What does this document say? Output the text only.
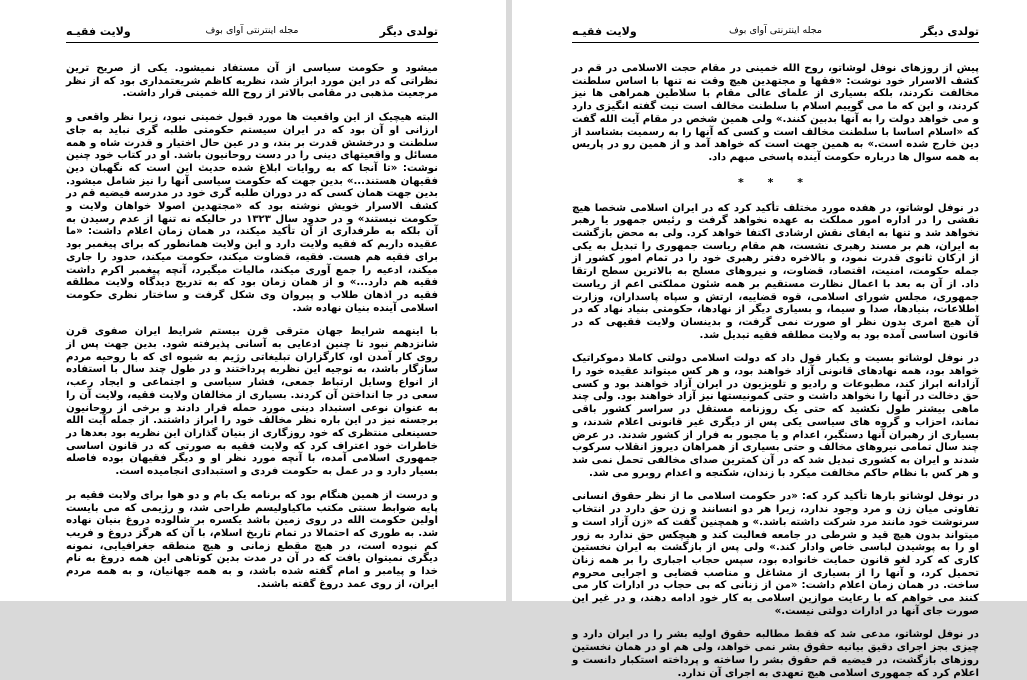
تولدی دیگر
مجله اینترنتی آوای بوف
ولایت فقیـه

میشود و حکومت سیاسی از آن مستفاد نمیشود. یکی از صریح ترین نظراتی که در این مورد ابراز شد، نظریه کاظم شریعتمداری بود که از نظر مرجعیت مذهبی در مقامی بالاتر از روح الله خمینی قرار داشت.

البته هیچیک از این واقعیت ها مورد قبول خمینی نبود، زیرا نظر واقعی و ارزانی او آن بود که در ایران سیستم حکومتی طلبه گری نباید به جای سلطنت و درخشش قدرت بر بند، و در عین حال اختیار و قدرت شاه و همه مسائل و واقعیتهای دینی را در دست روحانیون باشد. او در کتاب خود چنین نوشت: «تا آنجا که به روایات ابلاغ شده حدیث این است که نگهبان دین فقیهان هستند...» بدین جهت که حکومت سیاسی آنها را نیز شامل میشود. بدین جهت همان کسی که در دوران طلبه گری خود در مدرسه فیضیه قم در کشف الاسرار خویش نوشته بود که «مجتهدین اصولا خواهان ولایت و حکومت نیستند» و در حدود سال ۱۳۲۳ در حالیکه نه تنها از عدم رسیدن به آن بلکه به طرفداری از آن تأکید میکند، در همان زمان اعلام داشت: «ما عقیده داریم که فقیه ولایت دارد و این ولایت همانطور که برای پیغمبر بود برای فقیه هم هست. فقیه، قضاوت میکند، حکومت میکند، حدود را جاری میکند، ادعیه را جمع آوری میکند، مالیات میگیرد، آنچه پیغمبر اکرم داشت فقیه هم دارد...» و از همان زمان بود که به تدریج دیدگاه ولایت مطلقه فقیه در اذهان طلاب و پیروان وی شکل گرفت و ساختار نظری حکومت اسلامی آینده بنیان نهاده شد.

با اینهمه شرایط جهان مترقی قرن بیستم شرایط ایران صفوی قرن شانزدهم نبود تا چنین ادعایی به آسانی پذیرفته شود. بدین جهت پس از روی کار آمدن او، کارگزاران تبلیغاتی رژیم به شیوه ای که با روحیه مردم سازگار باشد، به توجیه این نظریه پرداختند و در طول چند سال با استفاده از انواع وسایل ارتباط جمعی، فشار سیاسی و اجتماعی و ایجاد رعب، سعی در جا انداختن آن کردند. بسیاری از مخالفان ولایت فقیه، ولایت آن را به عنوان نوعی استبداد دینی مورد حمله قرار دادند و برخی از روحانیون برجسته نیز در این باره نظر مخالف خود را ابراز داشتند. از جمله آیت الله حسینعلی منتظری که خود روزگاری از بنیان گذاران این نظریه بود بعدها در خاطرات خود اعتراف کرد که ولایت فقیه به صورتی که در قانون اساسی جمهوری اسلامی آمده، با آنچه مورد نظر او و دیگر فقیهان بوده فاصله بسیار دارد و در عمل به حکومت فردی و استبدادی انجامیده است.

و درست از همین هنگام بود که برنامه یک بام و دو هوا برای ولایت فقیه بر پایه ضوابط سنتی مکتب ماکیاولیسم طراحی شد، و رژیمی که می بایست اولین حکومت الله در روی زمین باشد یکسره بر شالوده دروغ بنیان نهاده شد. به طوری که احتمالا در تمام تاریخ اسلام، با آن که هرگز دروغ و فریب کم نبوده است، در هیچ مقطع زمانی و هیچ منطقه جغرافیایی، نمونه دیگری نمیتوان یافت که در آن در مدت بدین کوتاهی این همه دروغ به نام خدا و پیامبر و امام گفته شده باشد، و به همه جهانیان، و به همه مردم ایران، از روی عمد دروغ گفته باشند.

تولدی دیگر
مجله اینترنتی آوای بوف
ولایت فقیـه

پیش از روزهای نوفل لوشاتو، روح الله خمینی در مقام حجت الاسلامی در قم در کشف الاسرار خود نوشت: «فقها و مجتهدین هیچ وقت نه تنها با اساس سلطنت مخالفت نکردند، بلکه بسیاری از علمای عالی مقام با سلاطین همراهی ها نیز کردند، و این که ما می گوییم اسلام با سلطنت مخالف است نیت گفته انگیزی دارد و می خواهد دولت را به آنها بدبین کنند.» ولی همین شخص در مقام آیت الله گفت که «اسلام اساسا با سلطنت مخالف است و کسی که آنها را به رسمیت بشناسد از دین خارج شده است.» به همین جهت است که خواهد آمد و از همین رو در پاریس به همه سوال ها درباره حکومت آینده پاسخی مبهم داد.

* * *

در نوفل لوشاتو، در هفده مورد مختلف تأکید کرد که در ایران اسلامی شخصا هیچ نقشی را در اداره امور مملکت به عهده نخواهد گرفت و رئیس جمهور یا رهبر نخواهد شد و تنها به ایفای نقش ارشادی اکتفا خواهد کرد. ولی به محض بازگشت به ایران، هم بر مسند رهبری نشست، هم مقام ریاست جمهوری را تبدیل به یکی از ارکان ثانوی قدرت نمود، و بالاخره دفتر رهبری خود را در تمام امور کشور از جمله حکومت، امنیت، اقتصاد، قضاوت، و نیروهای مسلح به بالاترین سطح ارتقا داد. از آن به بعد با اعمال نظارت مستقیم بر همه شئون مملکتی اعم از ریاست جمهوری، مجلس شورای اسلامی، قوه قضاییه، ارتش و سپاه پاسداران، وزارت اطلاعات، بنیادها، صدا و سیما، و بسیاری دیگر از نهادها، حکومتی بنیاد نهاد که در آن هیچ امری بدون نظر او صورت نمی گرفت، و بدینسان ولایت فقیهی که در قانون اساسی آمده بود به ولایت مطلقه فقیه تبدیل شد.

در نوفل لوشاتو بسیت و یکبار قول داد که دولت اسلامی دولتی کاملا دموکراتیک خواهد بود، همه نهادهای قانونی آزاد خواهند بود، و هر کس میتواند عقیده خود را آزادانه ابراز کند، مطبوعات و رادیو و تلویزیون در ایران آزاد خواهند بود و کسی حق دخالت در آنها را نخواهد داشت و حتی کمونیستها نیز آزاد خواهند بود. ولی چند ماهی بیشتر طول نکشید که حتی یک روزنامه مستقل در سراسر کشور باقی نماند، احزاب و گروه های سیاسی یکی پس از دیگری غیر قانونی اعلام شدند، و بسیاری از رهبران آنها دستگیر، اعدام و یا مجبور به فرار از کشور شدند. در عرض چند سال تمامی نیروهای مخالف و حتی بسیاری از همراهان دیروز انقلاب سرکوب شدند و ایران به کشوری تبدیل شد که در آن کمترین صدای مخالفی تحمل نمی شد و هر کس با نظام حاکم مخالفت میکرد با زندان، شکنجه و اعدام روبرو می شد.

در نوفل لوشاتو بارها تأکید کرد که: «در حکومت اسلامی ما از نظر حقوق انسانی تفاوتی میان زن و مرد وجود ندارد، زیرا هر دو انسانند و زن حق دارد در انتخاب سرنوشت خود مانند مرد شرکت داشته باشد.» و همچنین گفت که «زن آزاد است و میتواند بدون هیچ قید و شرطی در جامعه فعالیت کند و هیچکس حق ندارد به زور او را به پوشیدن لباسی خاص وادار کند.» ولی پس از بازگشت به ایران نخستین کاری که کرد لغو قانون حمایت خانواده بود، سپس حجاب اجباری را بر همه زنان تحمیل کرد، و آنها را از بسیاری از مشاغل و مناصب قضایی و اجرایی محروم ساخت. در همان زمان اعلام داشت: «من از زنانی که بی حجاب در ادارات کار می کنند می خواهم که با رعایت موازین اسلامی به کار خود ادامه دهند، و در غیر این صورت جای آنها در ادارات دولتی نیست.»

در نوفل لوشاتو، مدعی شد که فقط مطالبه حقوق اولیه بشر را در ایران دارد و چیزی بجز اجرای دقیق بیانیه حقوق بشر نمی خواهد، ولی هم او در همان نخستین روزهای بازگشت، در فیضیه قم حقوق بشر را ساخته و پرداخته استکبار دانست و اعلام کرد که جمهوری اسلامی هیچ تعهدی به اجرای آن ندارد.
